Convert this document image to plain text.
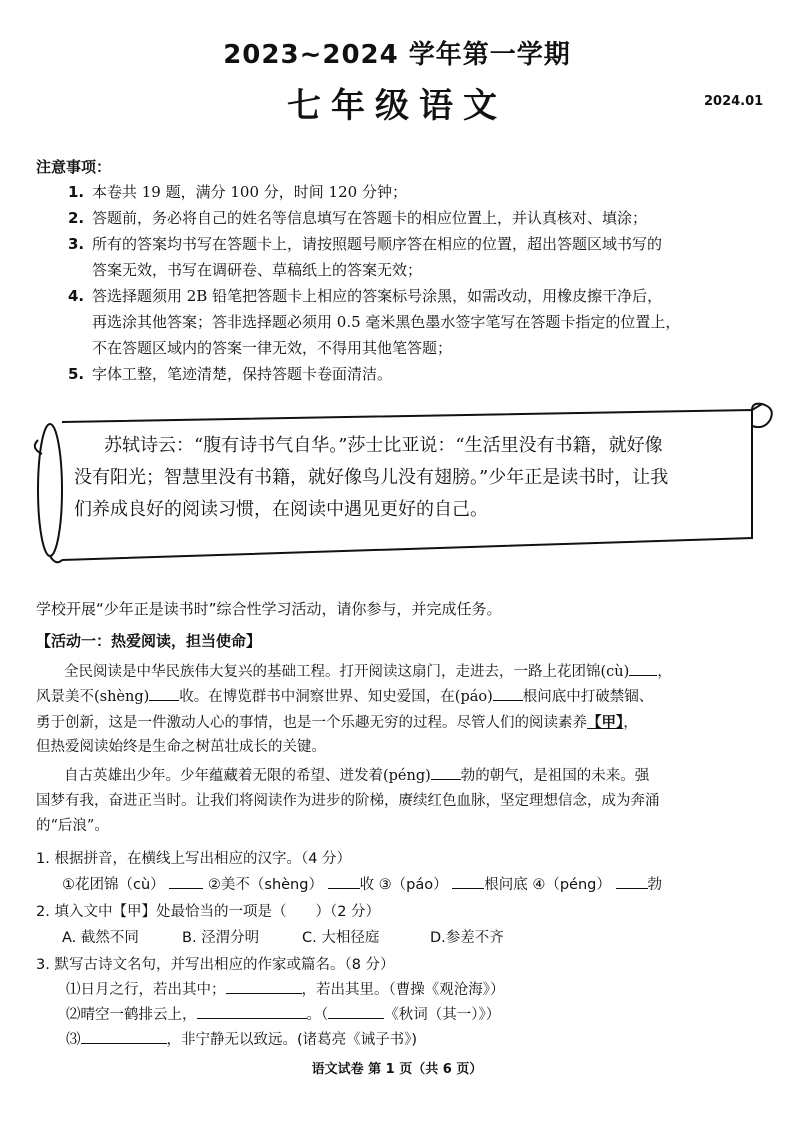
2023~2024 学年第一学期
七年级语文	2024.01
注意事项：
1. 本卷共 19 题，满分 100 分，时间 120 分钟；
2. 答题前，务必将自己的姓名等信息填写在答题卡的相应位置上，并认真核对、填涂；
3. 所有的答案均书写在答题卡上，请按照题号顺序答在相应的位置，超出答题区域书写的
答案无效，书写在调研卷、草稿纸上的答案无效；
4. 答选择题须用 2B 铅笔把答题卡上相应的答案标号涂黑，如需改动，用橡皮擦干净后，
再选涂其他答案；答非选择题必须用 0.5 毫米黑色墨水签字笔写在答题卡指定的位置上，
不在答题区域内的答案一律无效，不得用其他笔答题；
5. 字体工整，笔迹清楚，保持答题卡卷面清洁。
苏轼诗云：“腹有诗书气自华。”莎士比亚说：“生活里没有书籍，就好像
没有阳光；智慧里没有书籍，就好像鸟儿没有翅膀。”少年正是读书时，让我
们养成良好的阅读习惯，在阅读中遇见更好的自己。
学校开展“少年正是读书时”综合性学习活动，请你参与，并完成任务。
【活动一：热爱阅读，担当使命】
全民阅读是中华民族伟大复兴的基础工程。打开阅读这扇门，走进去，一路上花团锦(cù) ，
风景美不(shèng) 收。在博览群书中洞察世界、知史爱国，在(páo) 根问底中打破禁锢、
勇于创新，这是一件激动人心的事情，也是一个乐趣无穷的过程。尽管人们的阅读素养【甲】，
但热爱阅读始终是生命之树茁壮成长的关键。
自古英雄出少年。少年蕴藏着无限的希望、迸发着(péng) 勃的朝气，是祖国的未来。强
国梦有我，奋进正当时。让我们将阅读作为进步的阶梯，赓续红色血脉，坚定理想信念，成为奔涌
的“后浪”。
1. 根据拼音，在横线上写出相应的汉字。（4 分）
①花团锦（cù）	②美不（shèng）	收 ③（páo）	根问底 ④（péng）	勃
2. 填入文中【甲】处最恰当的一项是（　　）（2 分）
A. 截然不同	B. 泾渭分明	C. 大相径庭	D.参差不齐
3. 默写古诗文名句，并写出相应的作家或篇名。（8 分）
⑴日月之行，若出其中；	，若出其里。（曹操《观沧海》）
⑵晴空一鹤排云上，	。（	《秋词（其一）》）
⑶	，非宁静无以致远。(诸葛亮《诫子书》)
语文试卷 第 1 页（共 6 页）
